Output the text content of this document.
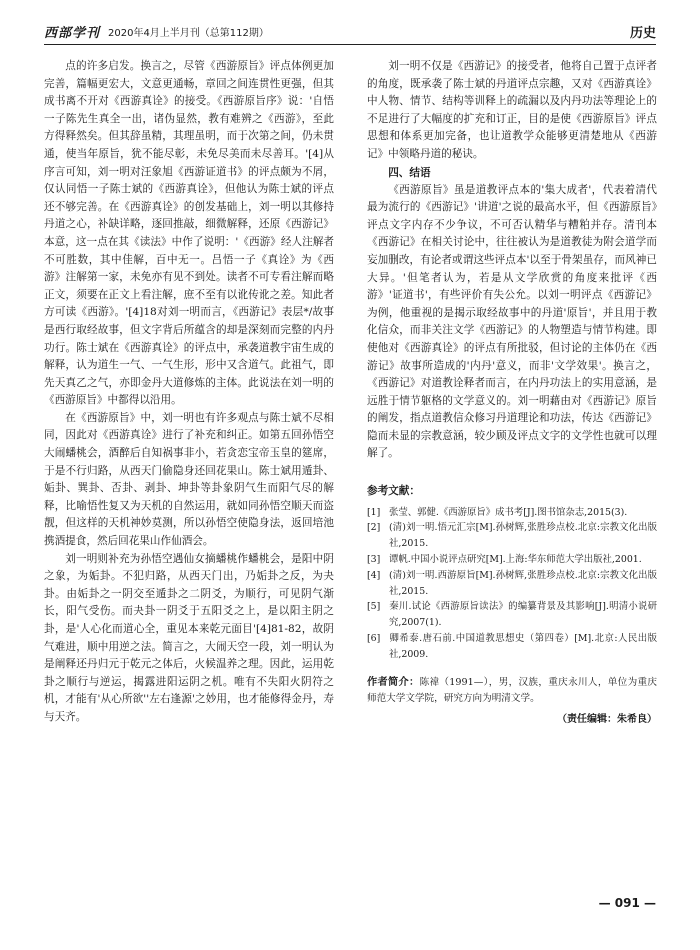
西部学刊 2020年4月上半月刊（总第112期）	历史

点的许多启发。换言之，尽管《西游原旨》评点体例更加完善，篇幅更宏大，文意更通畅，章回之间连贯性更强，但其成书离不开对《西游真诠》的接受。《西游原旨序》说：'自悟一子陈先生真全一出，诸伪显然，教有难辨之《西游》，至此方得释然矣。但其辞虽精，其理虽明，而于次第之间，仍未贯通，使当年原旨，犹不能尽彰，未免尽美而未尽善耳。'[4]从序言可知，刘一明对汪象旭《西游证道书》的评点颇为不屑，仅认同悟一子陈士斌的《西游真诠》，但他认为陈士斌的评点还不够完善。在《西游真诠》的创发基础上，刘一明以其修持丹道之心，补缺详略，逐回推敲，细微解释，还原《西游记》本意，这一点在其《读法》中作了说明：'《西游》经人注解者不可胜数，其中佳解，百中无一。吕悟一子《真诠》为《西游》注解第一家，未免亦有见不到处。读者不可专看注解而略正文，须要在正文上看注解，庶不至有以讹传讹之差。知此者方可读《西游》。'[4]18对刘一明而言，《西游记》表层*/故事是西行取经故事，但文字背后所蕴含的却是深刻而完整的内丹功行。陈士斌在《西游真诠》的评点中，承袭道教宇宙生成的解释，认为道生一气、一气生形，形中又含道气。此祖气，即先天真乙之气，亦即金丹大道修炼的主体。此说法在刘一明的《西游原旨》中都得以沿用。

在《西游原旨》中，刘一明也有许多观点与陈士斌不尽相同，因此对《西游真诠》进行了补充和纠正。如第五回孙悟空大闹蟠桃会，酒醉后自知祸事非小，若贪恋宝帝玉皇的筵席，于是不行归路，从西天门偷隐身还回花果山。陈士斌用遁卦、姤卦、巽卦、否卦、剥卦、坤卦等卦象阴气生而阳气尽的解释，比喻悟性复又为天机的自然运用，就如同孙悟空顺天而盗靓，但这样的天机神妙莫测，所以孙悟空使隐身法，返回培池携酒提食，然后回花果山作仙酒会。

刘一明则补充为孙悟空遇仙女摘蟠桃作蟠桃会，是阳中阴之象，为姤卦。不犯归路，从西天门出，乃姤卦之反，为夬卦。由姤卦之一阴交至遁卦之二阴爻，为顺行，可见阴气渐长，阳气受伤。而夬卦一阴爻于五阳爻之上，是以阳主阴之卦，是'人心化而道心全，重见本来乾元面目'[4]81-82，故阴气难进，顺中用逆之法。简言之，大闹天空一段，刘一明认为是阐释还丹归元于乾元之体后，火候温养之理。因此，运用乾卦之顺行与逆运，揭露进阳运阴之机。唯有不失阳火阴符之机，才能有'从心所欲''左右逢源'之妙用，也才能修得金丹，寿与天齐。

刘一明不仅是《西游记》的接受者，他将自己置于点评者的角度，既承袭了陈士斌的丹道评点宗趣，又对《西游真诠》中人物、情节、结构等训释上的疏漏以及内丹功法等理论上的不足进行了大幅度的扩充和订正，目的是使《西游原旨》评点思想和体系更加完备，也让道教学众能够更清楚地从《西游记》中领略丹道的秘诀。

四、结语

《西游原旨》虽是道教评点本的'集大成者'，代表着清代最为流行的《西游记》'讲道'之说的最高水平，但《西游原旨》评点文字内存不少争议，不可否认精华与糟粕并存。清刊本《西游记》在相关讨论中，往往被认为是道教徒为附会道学而妄加删改，有论者或谓这些评点本'以至于骨架虽存，而风神已大异。'但笔者认为，若是从文学欣赏的角度来批评《西游》'证道书'，有些评价有失公允。以刘一明评点《西游记》为例，他重视的是揭示取经故事中的丹道'原旨'，并且用于教化信众，而非关注文学《西游记》的人物塑造与情节构建。即使他对《西游真诠》的评点有所批驳，但讨论的主体仍在《西游记》故事所造成的'内丹'意义，而非'文学效果'。换言之，《西游记》对道教诠释者而言，在内丹功法上的实用意涵，是远胜于情节躯格的文学意义的。刘一明藉由对《西游记》原旨的阐发，指点道教信众修习丹道理论和功法，传达《西游记》隐而未显的宗教意涵，较少顾及评点文字的文学性也就可以理解了。

参考文献：
[1] 张莹、郭健.《西游原旨》成书考[J].图书馆杂志,2015(3).
[2] (清)刘一明.悟元汇宗[M].孙树辉,张胜珍点校.北京:宗教文化出版社,2015.
[3] 谭帆.中国小说评点研究[M].上海:华东师范大学出版社,2001.
[4] (清)刘一明.西游原旨[M].孙树辉,张胜珍点校.北京:宗教文化出版社,2015.
[5] 秦川.试论《西游原旨读法》的编纂背景及其影响[J].明清小说研究,2007(1).
[6] 卿希泰.唐石前.中国道教思想史（第四卷）[M].北京:人民出版社,2009.
作者简介：陈禕（1991—），男，汉族，重庆永川人，单位为重庆师范大学文学院，研究方向为明清文学。
（责任编辑：朱希良）
— 091 —
